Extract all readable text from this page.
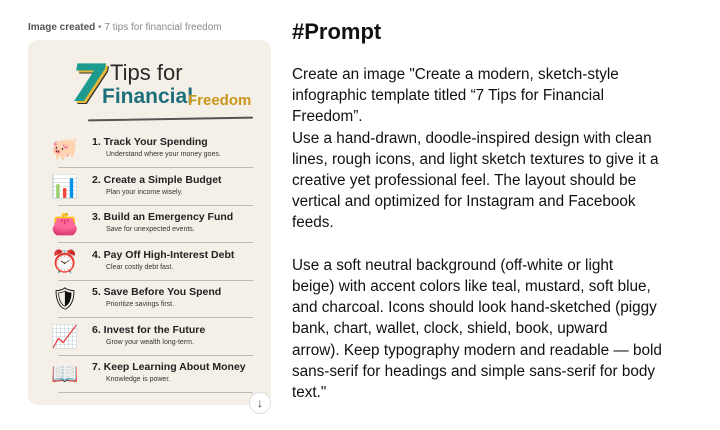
Image created • 7 tips for financial freedom
7 Tips for
Financial
Freedom
🐖	1. Track Your Spending
Understand where your money goes.
📊	2. Create a Simple Budget
Plan your income wisely.
👛	3. Build an Emergency Fund
Save for unexpected events.
⏰	4. Pay Off High-Interest Debt
Clear costly debt fast.
🛡 5. Save Before You Spend
Prioritize savings first.
📈	6. Invest for the Future
Grow your wealth long-term.
📖	7. Keep Learning About Money
Knowledge is power.
↓
#Prompt
Create an image "Create a modern, sketch-style
infographic template titled “7 Tips for Financial
Freedom”.
Use a hand-drawn, doodle-inspired design with clean
lines, rough icons, and light sketch textures to give it a
creative yet professional feel. The layout should be
vertical and optimized for Instagram and Facebook
feeds.
Use a soft neutral background (off-white or light
beige) with accent colors like teal, mustard, soft blue,
and charcoal. Icons should look hand-sketched (piggy
bank, chart, wallet, clock, shield, book, upward
arrow). Keep typography modern and readable — bold
sans-serif for headings and simple sans-serif for body
text."
